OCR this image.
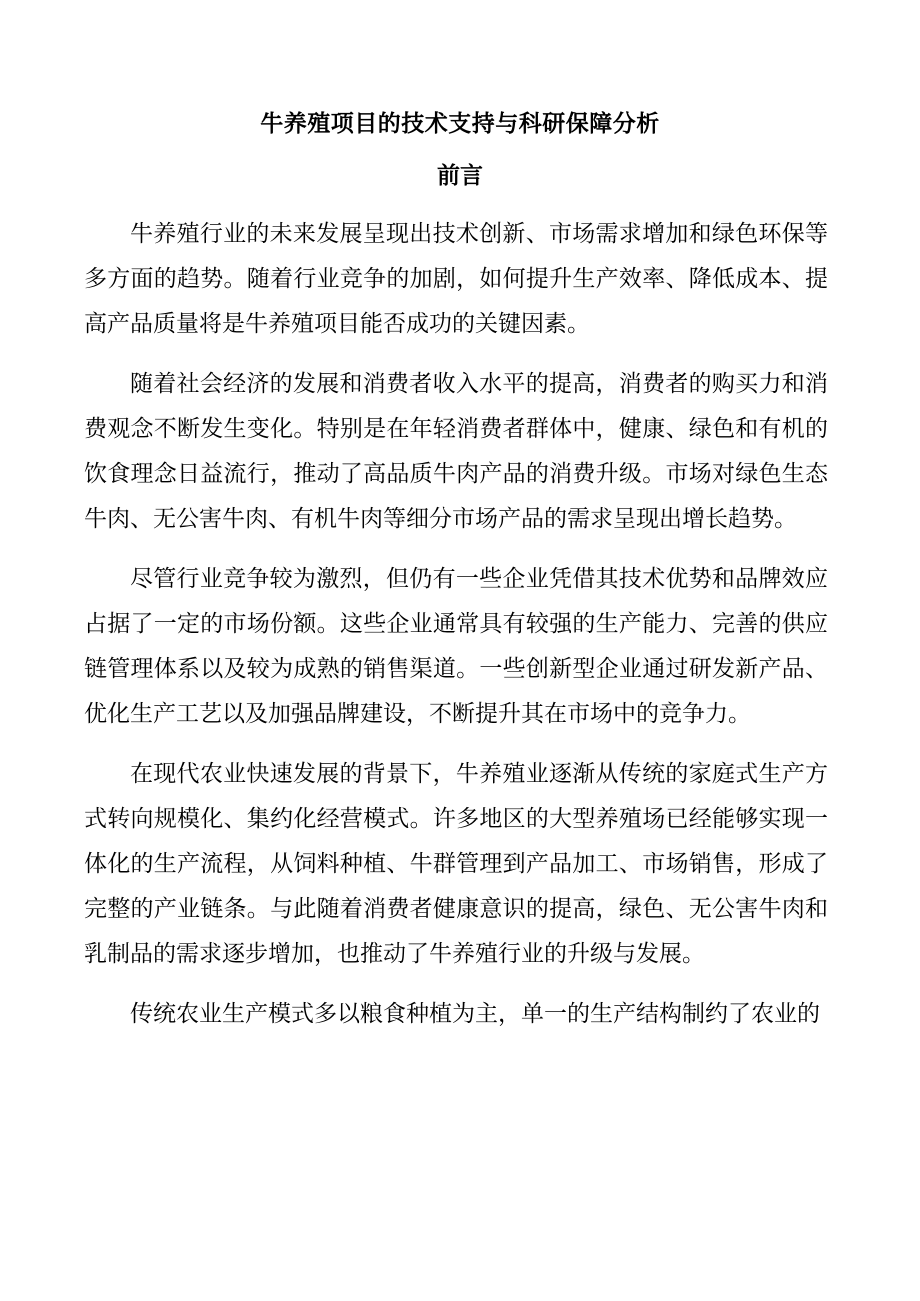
牛养殖项目的技术支持与科研保障分析
前言

牛养殖行业的未来发展呈现出技术创新、市场需求增加和绿色环保等多方面的趋势。随着行业竞争的加剧，如何提升生产效率、降低成本、提高产品质量将是牛养殖项目能否成功的关键因素。

随着社会经济的发展和消费者收入水平的提高，消费者的购买力和消费观念不断发生变化。特别是在年轻消费者群体中，健康、绿色和有机的饮食理念日益流行，推动了高品质牛肉产品的消费升级。市场对绿色生态牛肉、无公害牛肉、有机牛肉等细分市场产品的需求呈现出增长趋势。

尽管行业竞争较为激烈，但仍有一些企业凭借其技术优势和品牌效应占据了一定的市场份额。这些企业通常具有较强的生产能力、完善的供应链管理体系以及较为成熟的销售渠道。一些创新型企业通过研发新产品、优化生产工艺以及加强品牌建设，不断提升其在市场中的竞争力。

在现代农业快速发展的背景下，牛养殖业逐渐从传统的家庭式生产方式转向规模化、集约化经营模式。许多地区的大型养殖场已经能够实现一体化的生产流程，从饲料种植、牛群管理到产品加工、市场销售，形成了完整的产业链条。与此随着消费者健康意识的提高，绿色、无公害牛肉和乳制品的需求逐步增加，也推动了牛养殖行业的升级与发展。

传统农业生产模式多以粮食种植为主，单一的生产结构制约了农业的
